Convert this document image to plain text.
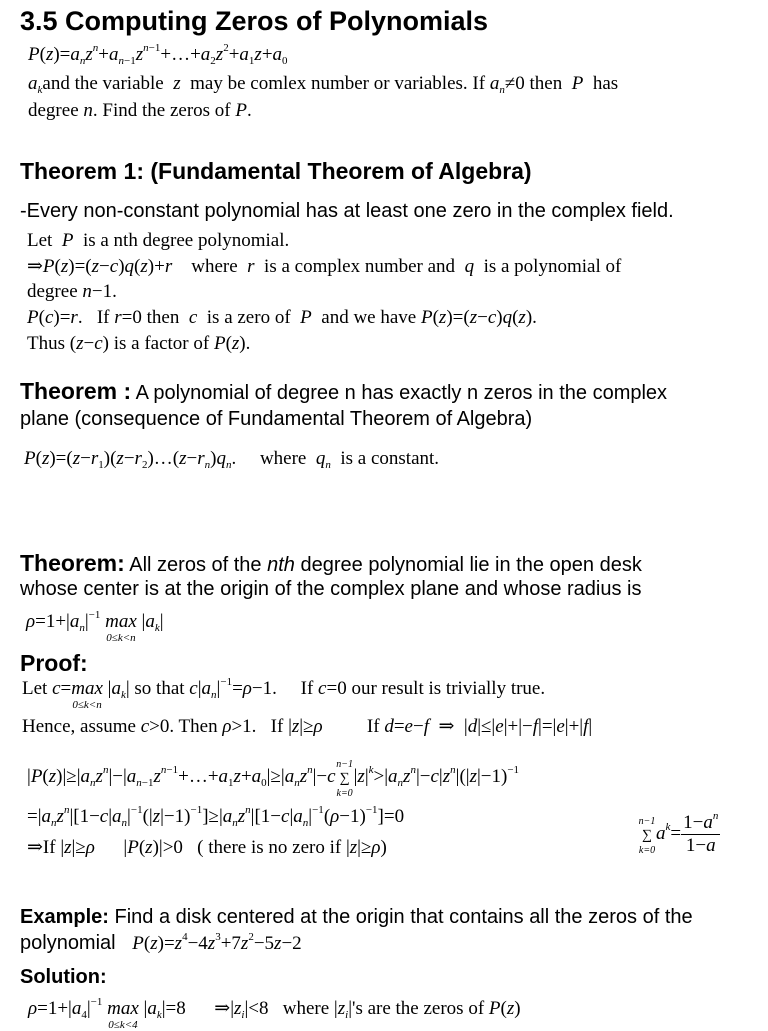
3.5 Computing Zeros of Polynomials
$P(z)=a_nz^n+a_{n-1}z^{n-1}+\dots+a_2z^2+a_1z+a_0$
$a_kand$ the variable  z  may be comlex number or variables. If $a_n\ne 0$ then  P  has
degree n. Find the zeros of P.
Theorem 1: (Fundamental Theorem of Algebra)
-Every non-constant polynomial has at least one zero in the complex field.
Let  P  is a nth degree polynomial.
⇒P(z)=(z−c)q(z)+r where  r  is a complex number and  q  is a polynomial of
degree n−1.
P(c)=r.   If r=0 then  c  is a zero of  P  and we have P(z)=(z−c)q(z).
Thus (z−c) is a factor of P(z).
Theorem : A polynomial of degree n has exactly n zeros in the complex
plane (consequence of Fundamental Theorem of Algebra)
$P(z)=(z-r_1)(z-r_2)\dots(z-r_n)q_n$.     where  $q_n$ is a constant.
Theorem: All zeros of the nth degree polynomial lie in the open desk
whose center is at the origin of the complex plane and whose radius is
$\rho=1+|a_n|^{-1}$ max
0≤k<n
$|a_k|$
Proof:
Let c=max
0≤k<n
$|a_k|$ so that $c|a_n|^{-1}=\rho-1$.     If c=0 our result is trivially true.
Hence, assume c>0. Then ρ>1.   If |z|≥ρ If d=e−f  ⇒  |d|≤|e|+|−f|=|e|+|f|
$|P(z)|\ge|a_nz^n|-|a_{n-1}z^{n-1}+\dots+a_1z+a_0|\ge|a_nz^n|-c$ ∑
n−1
k=0
$|z|^k>|a_nz^n|-c|z^n|(|z|-1)^{-1}$
$=|a_nz^n|[1-c|a_n|^{-1}(|z|-1)^{-1}]\ge|a_nz^n|[1-c|a_n|^{-1}(\rho-1)^{-1}]=0$
⇒If |z|≥ρ      |P(z)|>0   ( there is no zero if |z|≥ρ)
∑
n−1
k=0
$a^k= \frac{1-a^n}{1-a}$
Example: Find a disk centered at the origin that contains all the zeros of the
polynomial $P(z)=z^4-4z^3+7z^2-5z-2$
Solution:
$\rho=1+|a_4|^{-1}$ max
0≤k<4
$|a_k|=8$      $\Rightarrow|z_i|<8$   where $|z_i|'s$ are the zeros of P(z)
